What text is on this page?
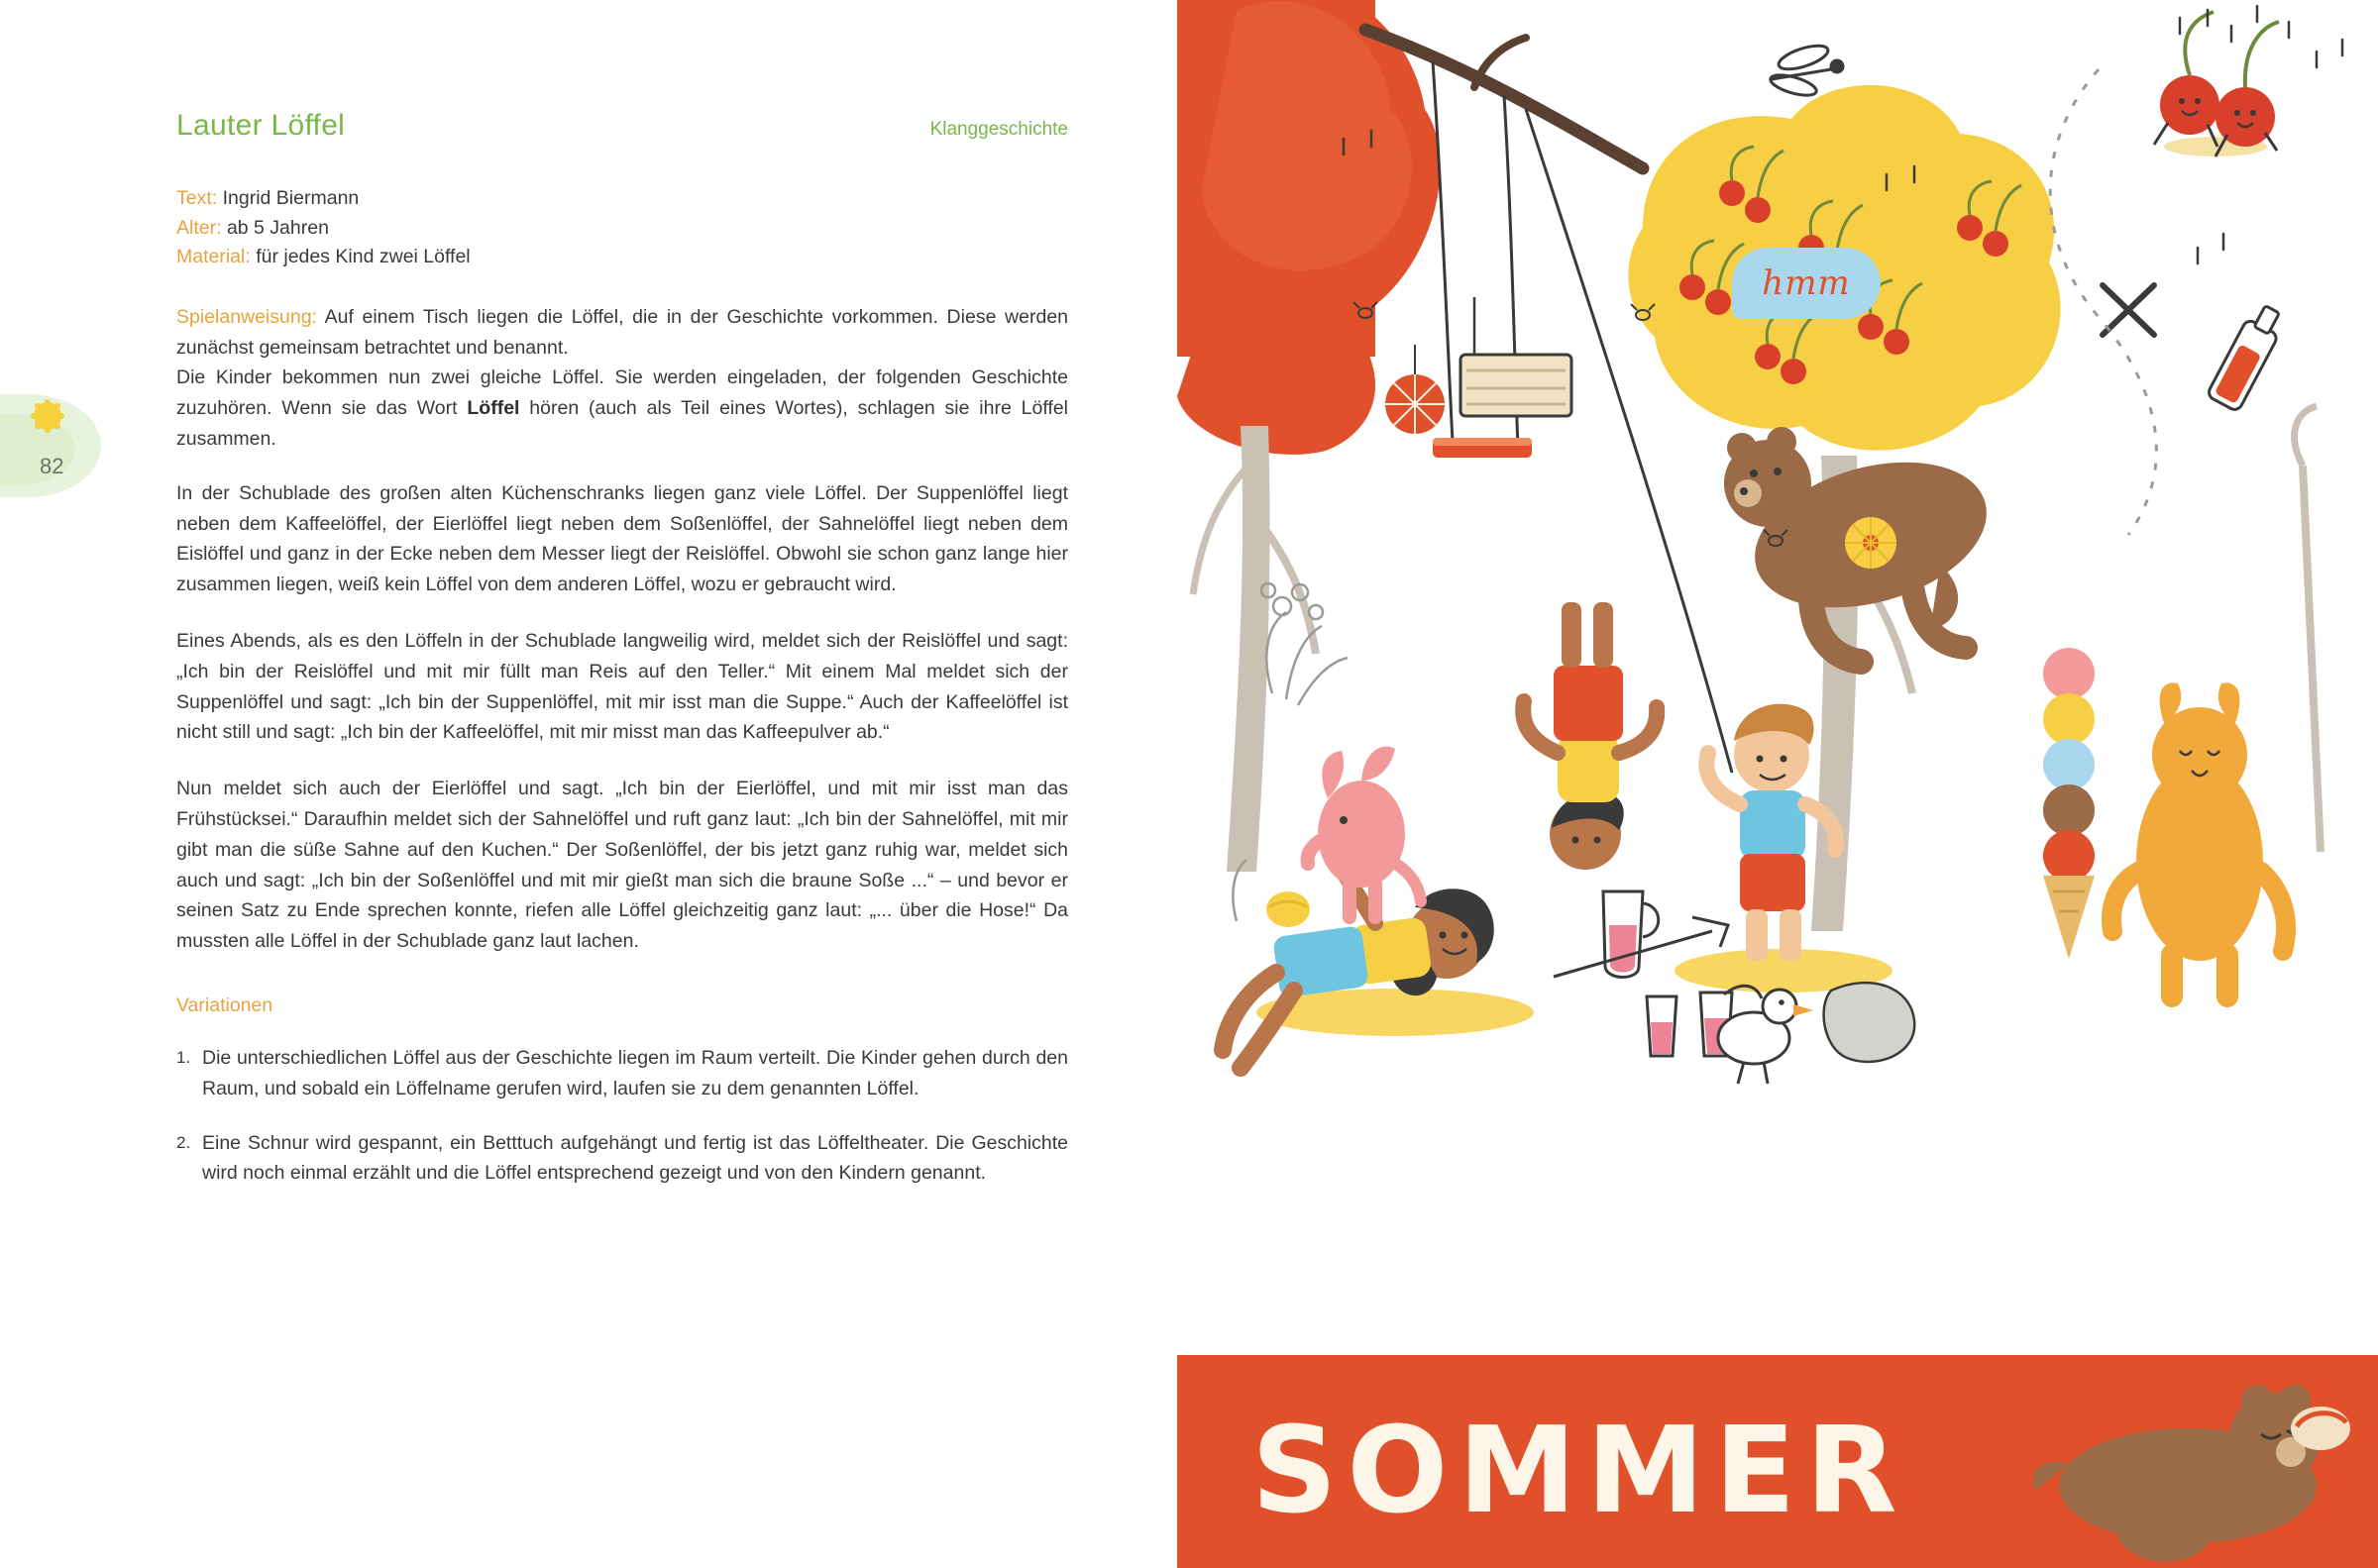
82
Lauter Löffel	Klanggeschichte
Text: Ingrid Biermann
Alter: ab 5 Jahren
Material: für jedes Kind zwei Löffel
Spielanweisung: Auf einem Tisch liegen die Löffel, die in der Geschichte vorkommen. Diese werden zunächst gemeinsam betrachtet und benannt.
Die Kinder bekommen nun zwei gleiche Löffel. Sie werden eingeladen, der folgenden Geschichte zuzuhören. Wenn sie das Wort Löffel hören (auch als Teil eines Wortes), schlagen sie ihre Löffel zusammen.
In der Schublade des großen alten Küchenschranks liegen ganz viele Löffel. Der Suppenlöffel liegt neben dem Kaffeelöffel, der Eierlöffel liegt neben dem Soßenlöffel, der Sahnelöffel liegt neben dem Eislöffel und ganz in der Ecke neben dem Messer liegt der Reislöffel. Obwohl sie schon ganz lange hier zusammen liegen, weiß kein Löffel von dem anderen Löffel, wozu er gebraucht wird.
Eines Abends, als es den Löffeln in der Schublade langweilig wird, meldet sich der Reislöffel und sagt: „Ich bin der Reislöffel und mit mir füllt man Reis auf den Teller.“ Mit einem Mal meldet sich der Suppenlöffel und sagt: „Ich bin der Suppenlöffel, mit mir isst man die Suppe.“ Auch der Kaffeelöffel ist nicht still und sagt: „Ich bin der Kaffeelöffel, mit mir misst man das Kaffeepulver ab.“
Nun meldet sich auch der Eierlöffel und sagt. „Ich bin der Eierlöffel, und mit mir isst man das Frühstücksei.“ Daraufhin meldet sich der Sahnelöffel und ruft ganz laut: „Ich bin der Sahnelöffel, mit mir gibt man die süße Sahne auf den Kuchen.“ Der Soßenlöffel, der bis jetzt ganz ruhig war, meldet sich auch und sagt: „Ich bin der Soßenlöffel und mit mir gießt man sich die braune Soße ...“ – und bevor er seinen Satz zu Ende sprechen konnte, riefen alle Löffel gleichzeitig ganz laut: „... über die Hose!“ Da mussten alle Löffel in der Schublade ganz laut lachen.
Variationen
1. Die unterschiedlichen Löffel aus der Geschichte liegen im Raum verteilt. Die Kinder gehen durch den Raum, und sobald ein Löffelname gerufen wird, laufen sie zu dem genannten Löffel.
2. Eine Schnur wird gespannt, ein Betttuch aufgehängt und fertig ist das Löffeltheater. Die Geschichte wird noch einmal erzählt und die Löffel entsprechend gezeigt und von den Kindern genannt.
hmm
SOMMER
